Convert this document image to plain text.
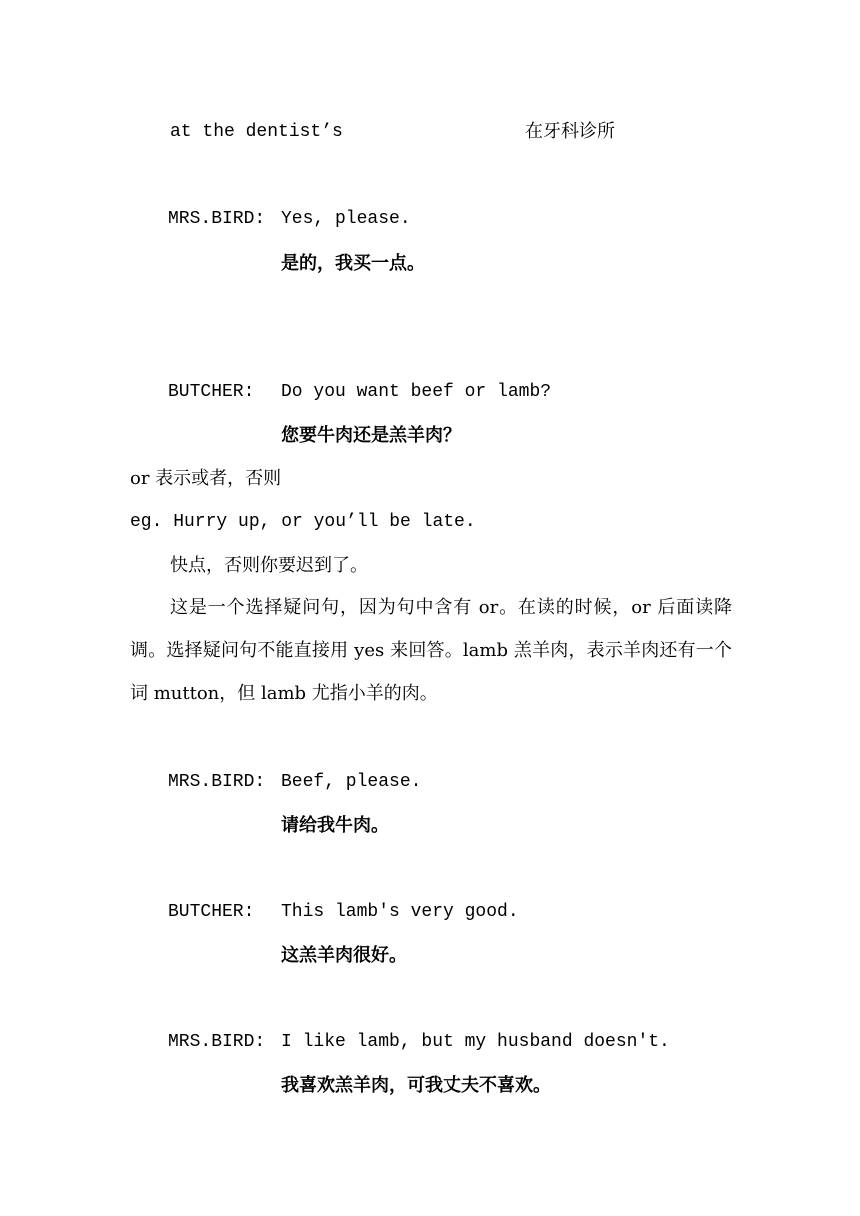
at the dentist’s	在牙科诊所
MRS.BIRD: Yes, please.
是的，我买一点。
BUTCHER: Do you want beef or lamb?
您要牛肉还是羔羊肉？
or 表示或者，否则
eg. Hurry up, or you’ll be late.
快点，否则你要迟到了。
这是一个选择疑问句，因为句中含有 or。在读的时候，or 后面读降调。选择疑问句不能直接用 yes 来回答。lamb 羔羊肉，表示羊肉还有一个词 mutton，但 lamb 尤指小羊的肉。
MRS.BIRD: Beef, please.
请给我牛肉。
BUTCHER: This lamb's very good.
这羔羊肉很好。
MRS.BIRD: I like lamb, but my husband doesn't.
我喜欢羔羊肉，可我丈夫不喜欢。
